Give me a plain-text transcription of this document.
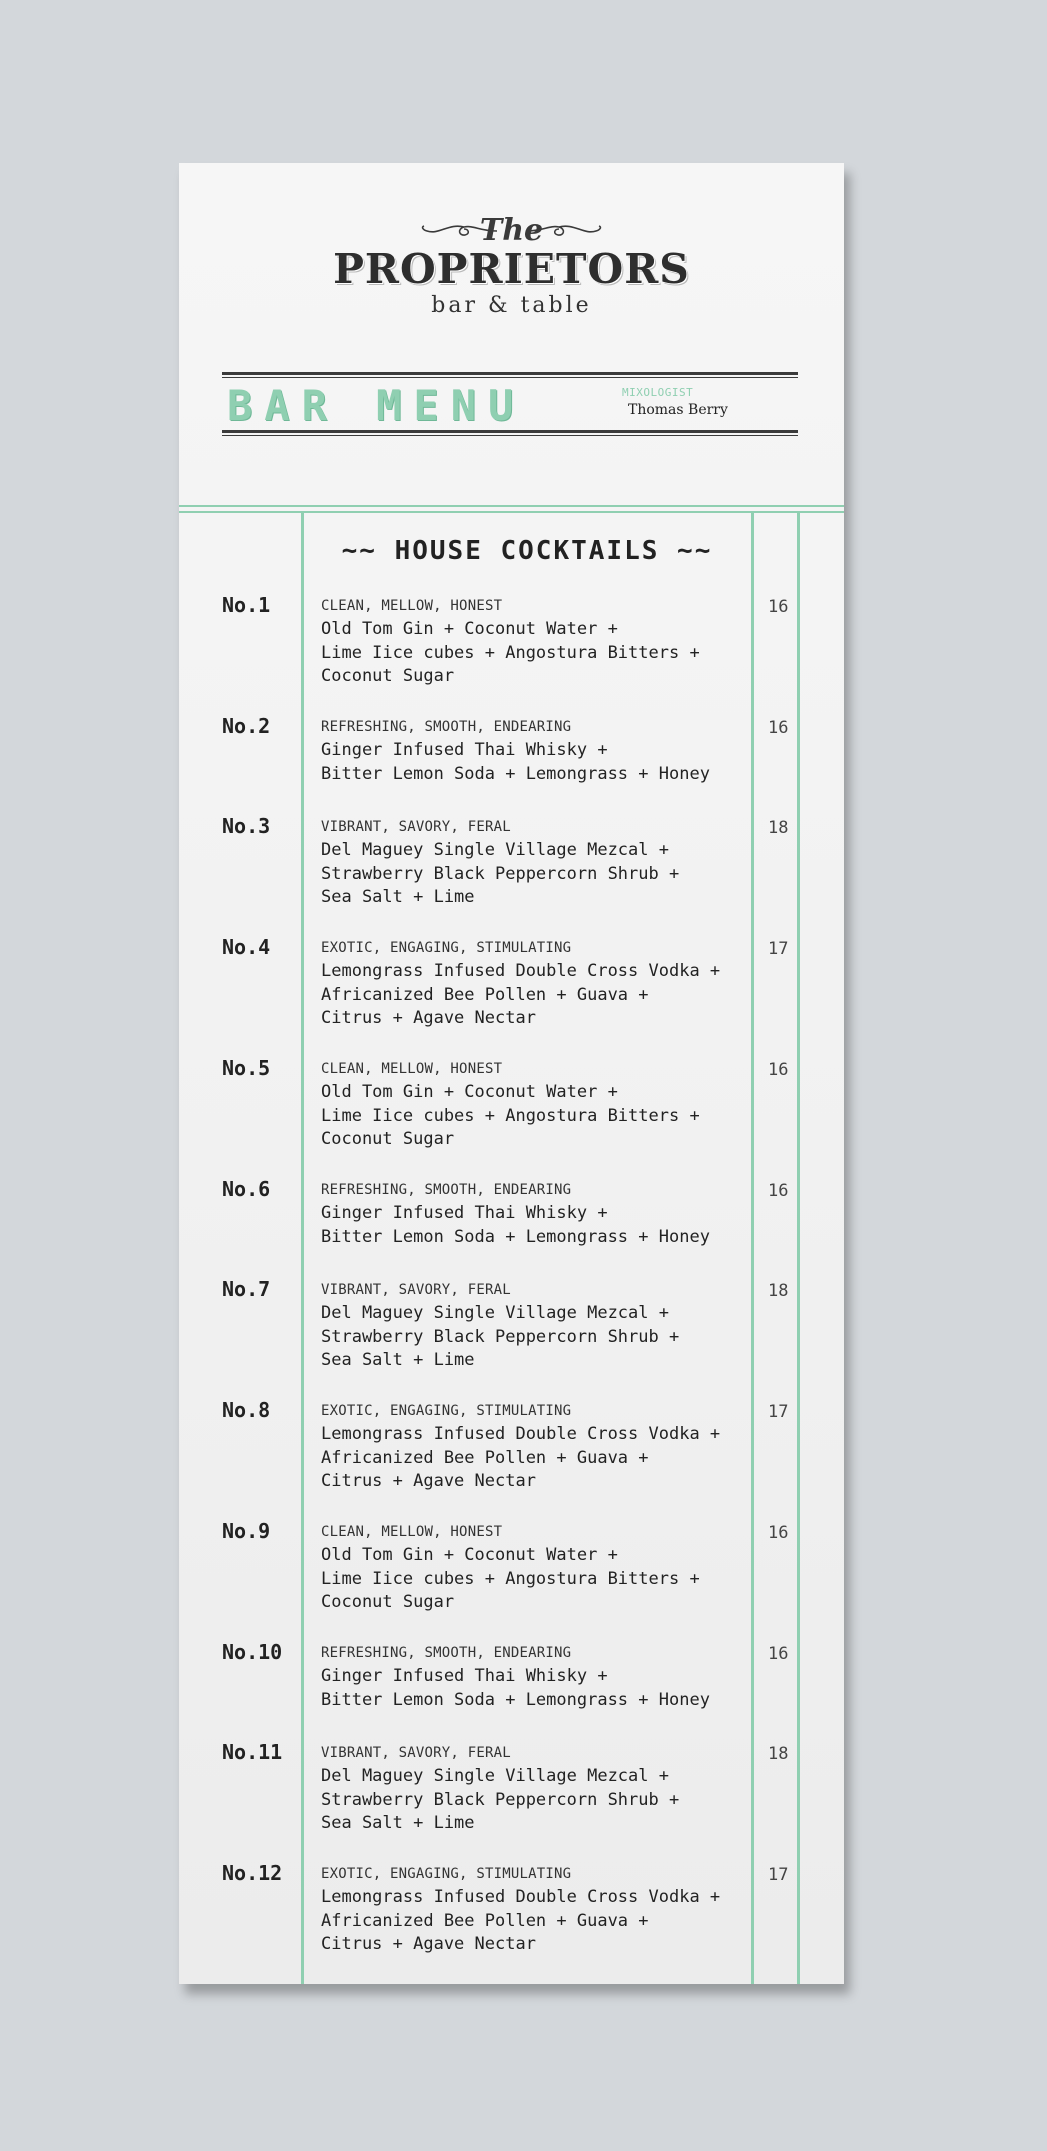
The
PROPRIETORS
bar & table
BAR MENU	MIXOLOGIST
Thomas Berry
~~ HOUSE COCKTAILS ~~
No.1	CLEAN, MELLOW, HONEST
Old Tom Gin + Coconut Water +
Lime Iice cubes + Angostura Bitters +
Coconut Sugar
16
No.2	REFRESHING, SMOOTH, ENDEARING
Ginger Infused Thai Whisky +
Bitter Lemon Soda + Lemongrass + Honey
16
No.3	VIBRANT, SAVORY, FERAL
Del Maguey Single Village Mezcal +
Strawberry Black Peppercorn Shrub +
Sea Salt + Lime
18
No.4	EXOTIC, ENGAGING, STIMULATING
Lemongrass Infused Double Cross Vodka +
Africanized Bee Pollen + Guava +
Citrus + Agave Nectar
17
No.5	CLEAN, MELLOW, HONEST
Old Tom Gin + Coconut Water +
Lime Iice cubes + Angostura Bitters +
Coconut Sugar
16
No.6	REFRESHING, SMOOTH, ENDEARING
Ginger Infused Thai Whisky +
Bitter Lemon Soda + Lemongrass + Honey
16
No.7	VIBRANT, SAVORY, FERAL
Del Maguey Single Village Mezcal +
Strawberry Black Peppercorn Shrub +
Sea Salt + Lime
18
No.8	EXOTIC, ENGAGING, STIMULATING
Lemongrass Infused Double Cross Vodka +
Africanized Bee Pollen + Guava +
Citrus + Agave Nectar
17
No.9	CLEAN, MELLOW, HONEST
Old Tom Gin + Coconut Water +
Lime Iice cubes + Angostura Bitters +
Coconut Sugar
16
No.10	REFRESHING, SMOOTH, ENDEARING
Ginger Infused Thai Whisky +
Bitter Lemon Soda + Lemongrass + Honey
16
No.11	VIBRANT, SAVORY, FERAL
Del Maguey Single Village Mezcal +
Strawberry Black Peppercorn Shrub +
Sea Salt + Lime
18
No.12	EXOTIC, ENGAGING, STIMULATING
Lemongrass Infused Double Cross Vodka +
Africanized Bee Pollen + Guava +
Citrus + Agave Nectar
17
